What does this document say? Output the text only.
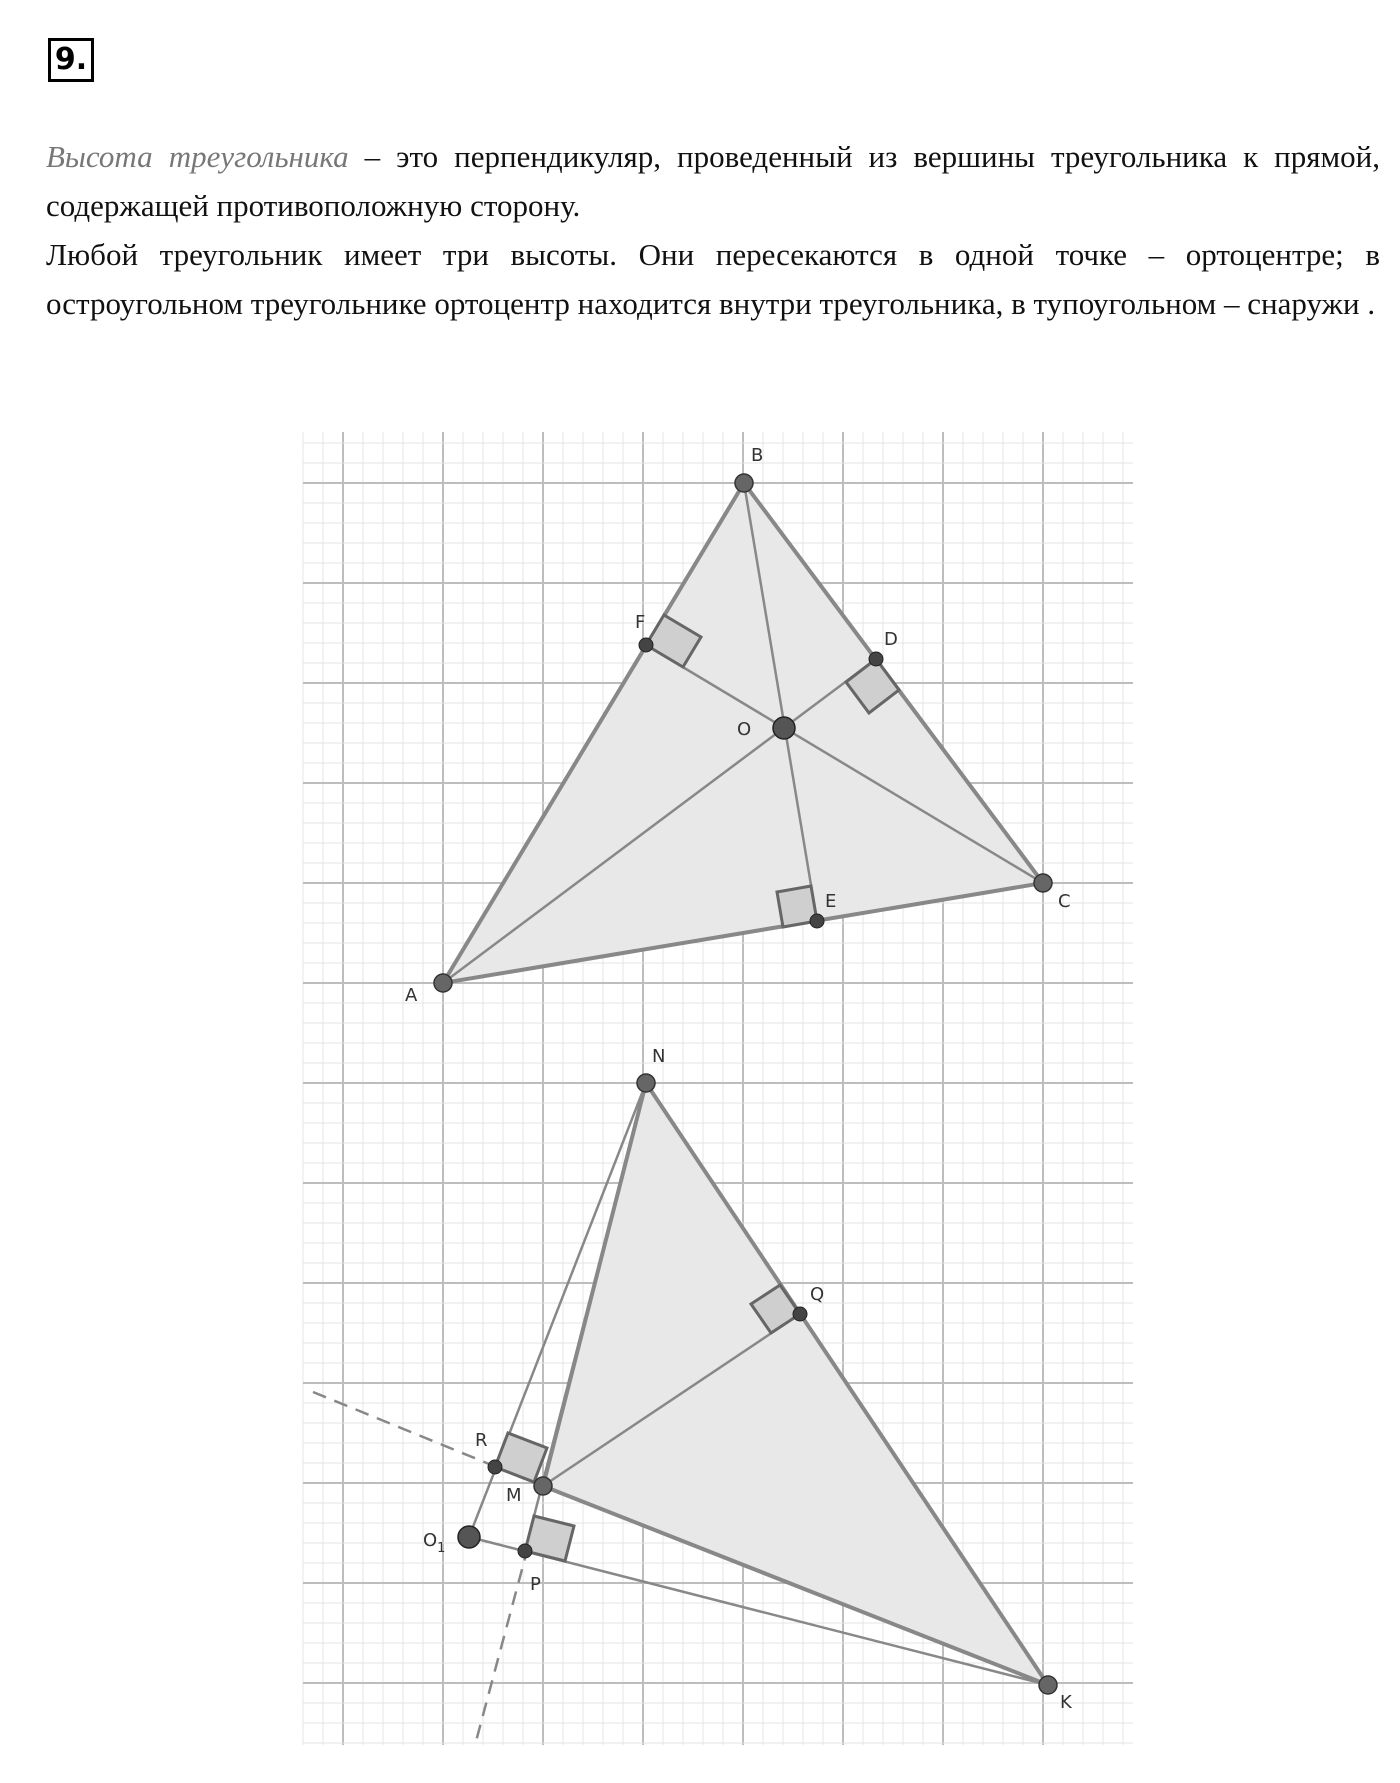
9.

Высота треугольника – это перпендикуляр, проведенный из вершины треугольника к прямой, содержащей противоположную сторону.

Любой треугольник имеет три высоты. Они пересекаются в одной точке – ортоцентре; в остроугольном треугольнике ортоцентр находится внутри треугольника, в тупоугольном – снаружи .

A
B
C
D
E
F
O
N
K
M
Q
R
P
$O_1$
